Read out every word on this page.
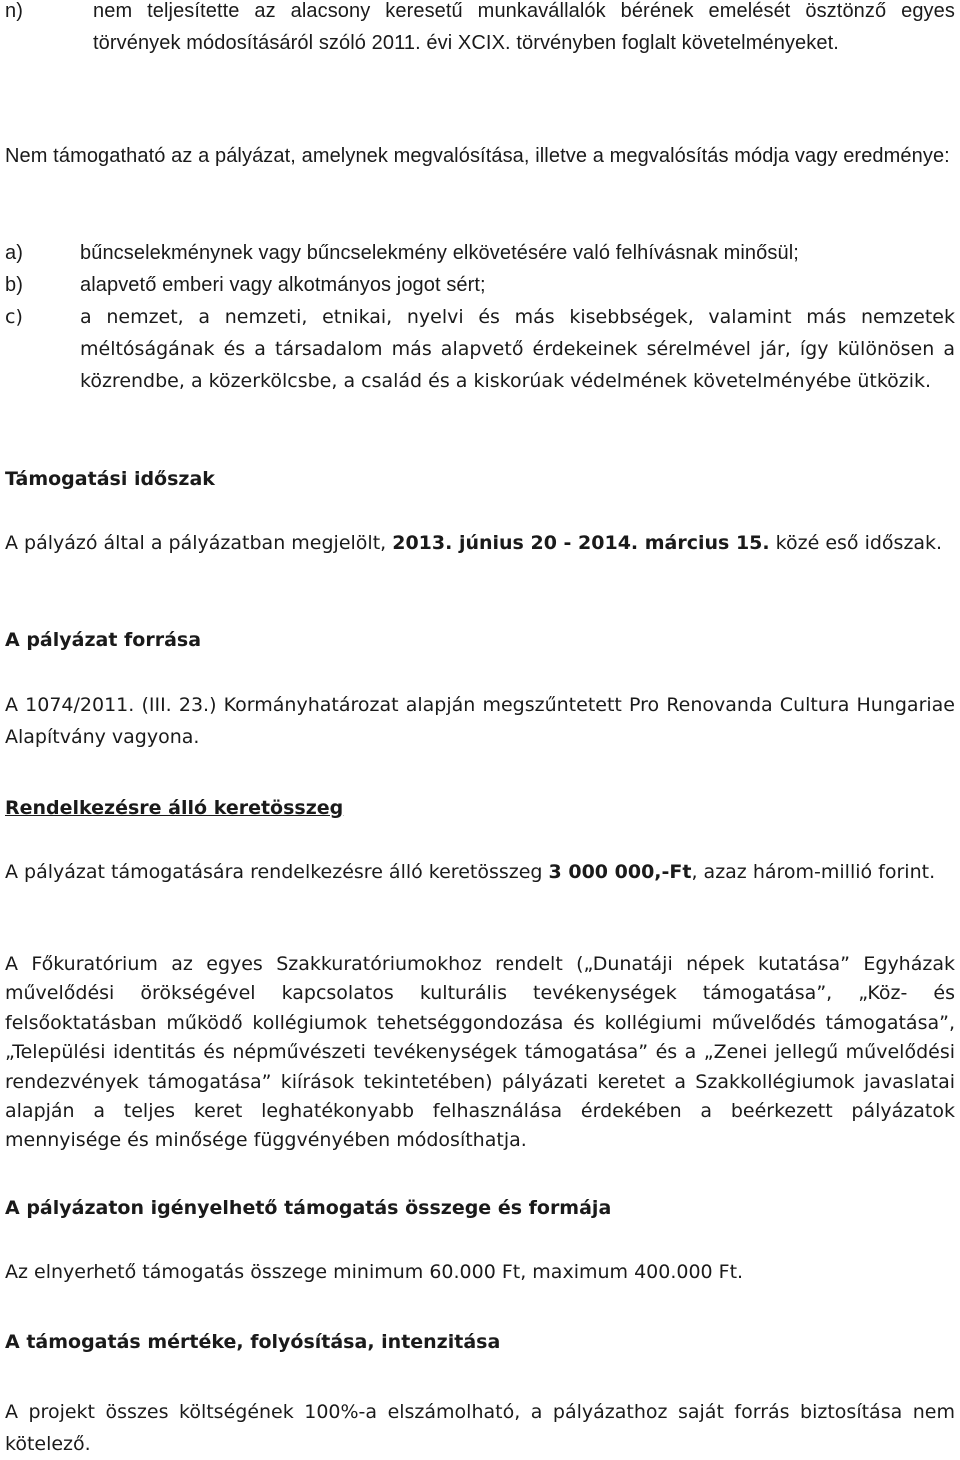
n)	nem teljesítette az alacsony keresetű munkavállalók bérének emelését ösztönző egyes törvények módosításáról szóló 2011. évi XCIX. törvényben foglalt követelményeket.

Nem támogatható az a pályázat, amelynek megvalósítása, illetve a megvalósítás módja vagy eredménye:

a)	bűncselekménynek vagy bűncselekmény elkövetésére való felhívásnak minősül;
b)	alapvető emberi vagy alkotmányos jogot sért;
c)	a nemzet, a nemzeti, etnikai, nyelvi és más kisebbségek, valamint más nemzetek méltóságának és a társadalom más alapvető érdekeinek sérelmével jár, így különösen a közrendbe, a közerkölcsbe, a család és a kiskorúak védelmének követelményébe ütközik.

Támogatási időszak

A pályázó által a pályázatban megjelölt, 2013. június 20 - 2014. március 15. közé eső időszak.

A pályázat forrása

A 1074/2011. (III. 23.) Kormányhatározat alapján megszűntetett Pro Renovanda Cultura Hungariae Alapítvány vagyona.

Rendelkezésre álló keretösszeg

A pályázat támogatására rendelkezésre álló keretösszeg 3 000 000,-Ft, azaz három-millió forint.

A Főkuratórium az egyes Szakkuratóriumokhoz rendelt („Dunatáji népek kutatása” Egyházak művelődési örökségével kapcsolatos kulturális tevékenységek támogatása”, „Köz- és felsőoktatásban működő kollégiumok tehetséggondozása és kollégiumi művelődés támogatása”, „Települési identitás és népművészeti tevékenységek támogatása” és a „Zenei jellegű művelődési rendezvények támogatása” kiírások tekintetében) pályázati keretet a Szakkollégiumok javaslatai alapján a teljes keret leghatékonyabb felhasználása érdekében a beérkezett pályázatok mennyisége és minősége függvényében módosíthatja.

A pályázaton igényelhető támogatás összege és formája

Az elnyerhető támogatás összege minimum 60.000 Ft, maximum 400.000 Ft.

A támogatás mértéke, folyósítása, intenzitása

A projekt összes költségének 100%-a elszámolható, a pályázathoz saját forrás biztosítása nem kötelező.
